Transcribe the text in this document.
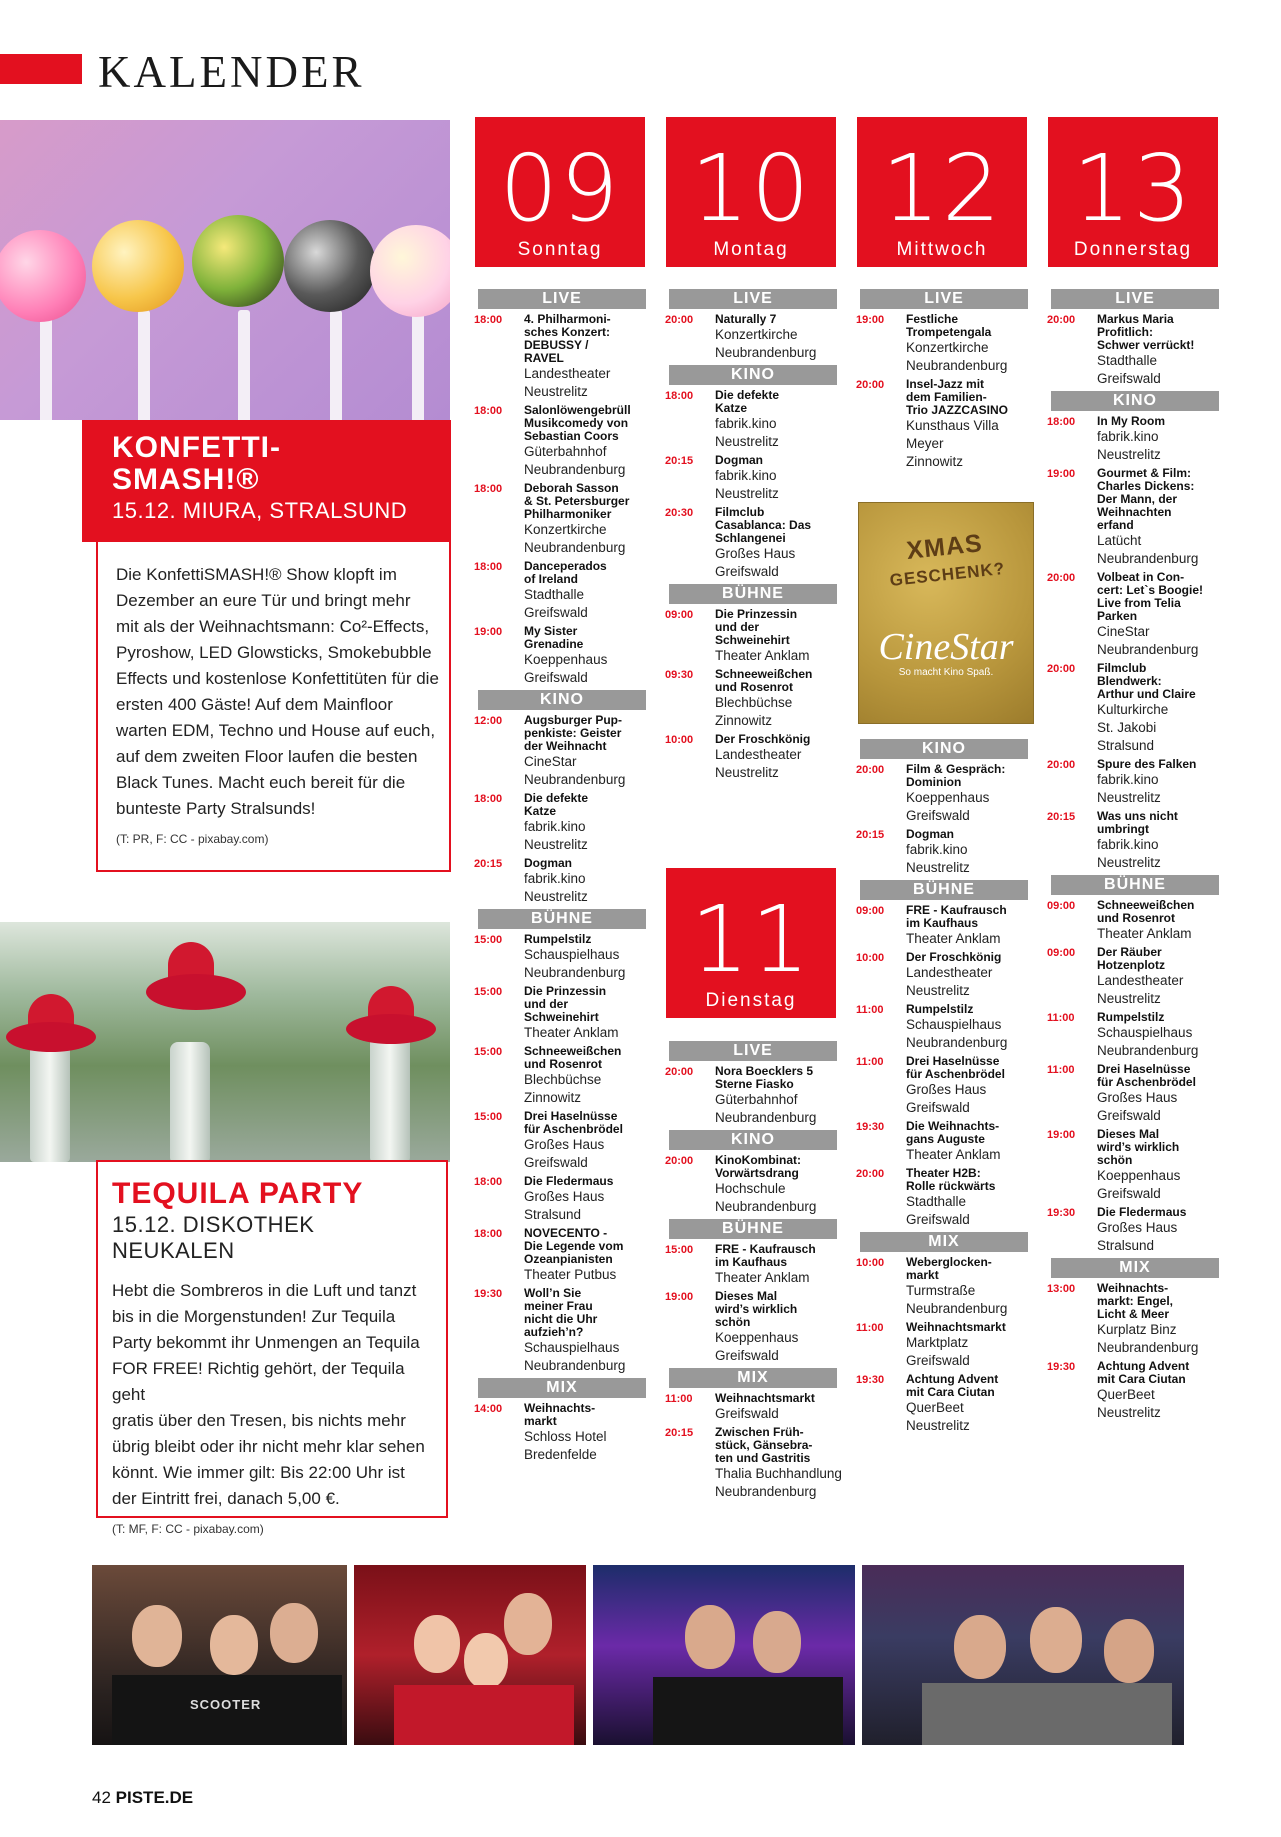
KALENDER
KONFETTI-
SMASH!®
15.12. MIURA, STRALSUND
Die KonfettiSMASH!® Show klopft im
Dezember an eure Tür und bringt mehr
mit als der Weihnachtsmann: Co²-Effects,
Pyroshow, LED Glowsticks, Smokebubble
Effects und kostenlose Konfettitüten für die
ersten 400 Gäste! Auf dem Mainfloor
warten EDM, Techno und House auf euch,
auf dem zweiten Floor laufen die besten
Black Tunes. Macht euch bereit für die
bunteste Party Stralsunds!
(T: PR, F: CC - pixabay.com)
TEQUILA PARTY
15.12. DISKOTHEK NEUKALEN
Hebt die Sombreros in die Luft und tanzt
bis in die Morgenstunden! Zur Tequila
Party bekommt ihr Unmengen an Tequila
FOR FREE! Richtig gehört, der Tequila geht
gratis über den Tresen, bis nichts mehr
übrig bleibt oder ihr nicht mehr klar sehen
könnt. Wie immer gilt: Bis 22:00 Uhr ist
der Eintritt frei, danach 5,00 €.
(T: MF, F: CC - pixabay.com)
09
Sonntag
10
Montag
12
Mittwoch
13
Donnerstag
11
Dienstag
LIVE
18:00	4. Philharmoni-
sches Konzert:
DEBUSSY /
RAVEL
Landestheater
Neustrelitz
18:00	Salonlöwengebrüll
Musikcomedy von
Sebastian Coors
Güterbahnhof
Neubrandenburg
18:00	Deborah Sasson
& St. Petersburger
Philharmoniker
Konzertkirche
Neubrandenburg
18:00	Danceperados
of Ireland
Stadthalle
Greifswald
19:00	My Sister
Grenadine
Koeppenhaus
Greifswald
KINO
12:00	Augsburger Pup-
penkiste: Geister
der Weihnacht
CineStar
Neubrandenburg
18:00	Die defekte
Katze
fabrik.kino
Neustrelitz
20:15	Dogman
fabrik.kino
Neustrelitz
BÜHNE
15:00	Rumpelstilz
Schauspielhaus
Neubrandenburg
15:00	Die Prinzessin
und der
Schweinehirt
Theater Anklam
15:00	Schneeweißchen
und Rosenrot
Blechbüchse
Zinnowitz
15:00	Drei Haselnüsse
für Aschenbrödel
Großes Haus
Greifswald
18:00	Die Fledermaus
Großes Haus
Stralsund
18:00	NOVECENTO -
Die Legende vom
Ozeanpianisten
Theater Putbus
19:30	Woll’n Sie
meiner Frau
nicht die Uhr
aufzieh’n?
Schauspielhaus
Neubrandenburg
MIX
14:00	Weihnachts-
markt
Schloss Hotel
Bredenfelde
LIVE
20:00	Naturally 7
Konzertkirche
Neubrandenburg
KINO
18:00	Die defekte
Katze
fabrik.kino
Neustrelitz
20:15	Dogman
fabrik.kino
Neustrelitz
20:30	Filmclub
Casablanca: Das
Schlangenei
Großes Haus
Greifswald
BÜHNE
09:00	Die Prinzessin
und der
Schweinehirt
Theater Anklam
09:30	Schneeweißchen
und Rosenrot
Blechbüchse
Zinnowitz
10:00	Der Froschkönig
Landestheater
Neustrelitz
LIVE
19:00	Festliche
Trompetengala
Konzertkirche
Neubrandenburg
20:00	Insel-Jazz mit
dem Familien-
Trio JAZZCASINO
Kunsthaus Villa
Meyer
Zinnowitz
KINO
20:00	Film & Gespräch:
Dominion
Koeppenhaus
Greifswald
20:15	Dogman
fabrik.kino
Neustrelitz
BÜHNE
09:00	FRE - Kaufrausch
im Kaufhaus
Theater Anklam
10:00	Der Froschkönig
Landestheater
Neustrelitz
11:00	Rumpelstilz
Schauspielhaus
Neubrandenburg
11:00	Drei Haselnüsse
für Aschenbrödel
Großes Haus
Greifswald
19:30	Die Weihnachts-
gans Auguste
Theater Anklam
20:00	Theater H2B:
Rolle rückwärts
Stadthalle
Greifswald
MIX
10:00	Weberglocken-
markt
Turmstraße
Neubrandenburg
11:00	Weihnachtsmarkt
Marktplatz
Greifswald
19:30	Achtung Advent
mit Cara Ciutan
QuerBeet
Neustrelitz
LIVE
20:00	Markus Maria
Profitlich:
Schwer verrückt!
Stadthalle
Greifswald
KINO
18:00	In My Room
fabrik.kino
Neustrelitz
19:00	Gourmet & Film:
Charles Dickens:
Der Mann, der
Weihnachten
erfand
Latücht
Neubrandenburg
20:00	Volbeat in Con-
cert: Let`s Boogie!
Live from Telia
Parken
CineStar
Neubrandenburg
20:00	Filmclub
Blendwerk:
Arthur und Claire
Kulturkirche
St. Jakobi
Stralsund
20:00	Spure des Falken
fabrik.kino
Neustrelitz
20:15	Was uns nicht
umbringt
fabrik.kino
Neustrelitz
BÜHNE
09:00	Schneeweißchen
und Rosenrot
Theater Anklam
09:00	Der Räuber
Hotzenplotz
Landestheater
Neustrelitz
11:00	Rumpelstilz
Schauspielhaus
Neubrandenburg
11:00	Drei Haselnüsse
für Aschenbrödel
Großes Haus
Greifswald
19:00	Dieses Mal
wird’s wirklich
schön
Koeppenhaus
Greifswald
19:30	Die Fledermaus
Großes Haus
Stralsund
MIX
13:00	Weihnachts-
markt: Engel,
Licht & Meer
Kurplatz Binz
Neubrandenburg
19:30	Achtung Advent
mit Cara Ciutan
QuerBeet
Neustrelitz
LIVE
20:00	Nora Boecklers 5
Sterne Fiasko
Güterbahnhof
Neubrandenburg
KINO
20:00	KinoKombinat:
Vorwärtsdrang
Hochschule
Neubrandenburg
BÜHNE
15:00	FRE - Kaufrausch
im Kaufhaus
Theater Anklam
19:00	Dieses Mal
wird’s wirklich
schön
Koeppenhaus
Greifswald
MIX
11:00	Weihnachtsmarkt
Greifswald
20:15	Zwischen Früh-
stück, Gänsebra-
ten und Gastritis
Thalia Buchhandlung
Neubrandenburg
XMAS
GESCHENK?
CineStar
So macht Kino Spaß.
SCOOTER
42 PISTE.DE
